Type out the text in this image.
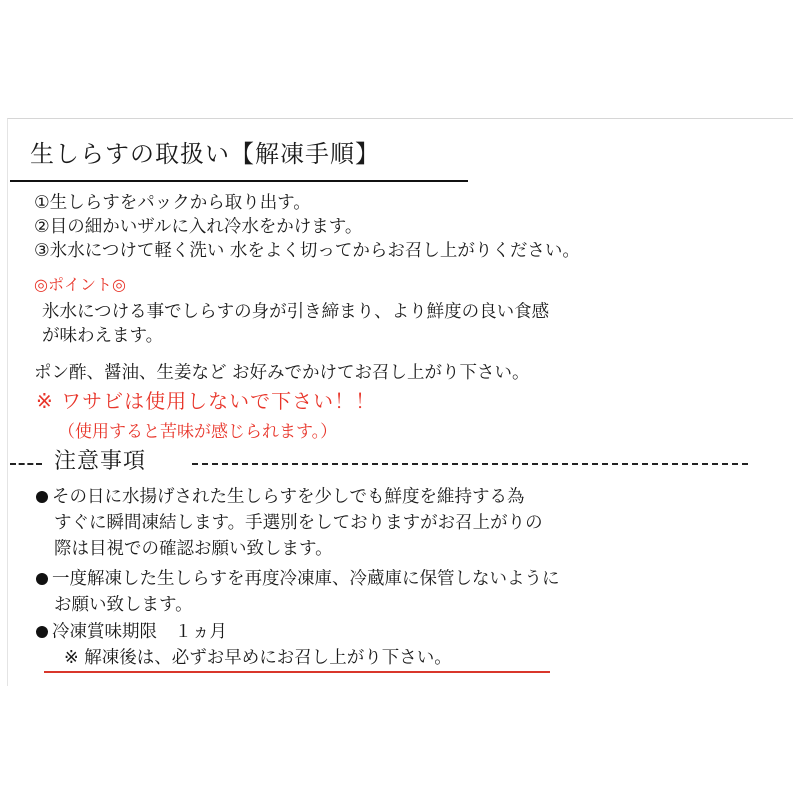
生しらすの取扱い【解凍手順】
①生しらすをパックから取り出す。
②目の細かいザルに入れ冷水をかけます。
③氷水につけて軽く洗い 水をよく切ってからお召し上がりください。
◎ポイント◎
氷水につける事でしらすの身が引き締まり、より鮮度の良い食感
が味わえます。
ポン酢、醤油、生姜など お好みでかけてお召し上がり下さい。
※ ワサビは使用しないで下さい！！
（使用すると苦味が感じられます。）
注意事項
その日に水揚げされた生しらすを少しでも鮮度を維持する為
すぐに瞬間凍結します。手選別をしておりますがお召上がりの
際は目視での確認お願い致します。
一度解凍した生しらすを再度冷凍庫、冷蔵庫に保管しないように
お願い致します。
冷凍賞味期限　１ヵ月
※ 解凍後は、必ずお早めにお召し上がり下さい。
